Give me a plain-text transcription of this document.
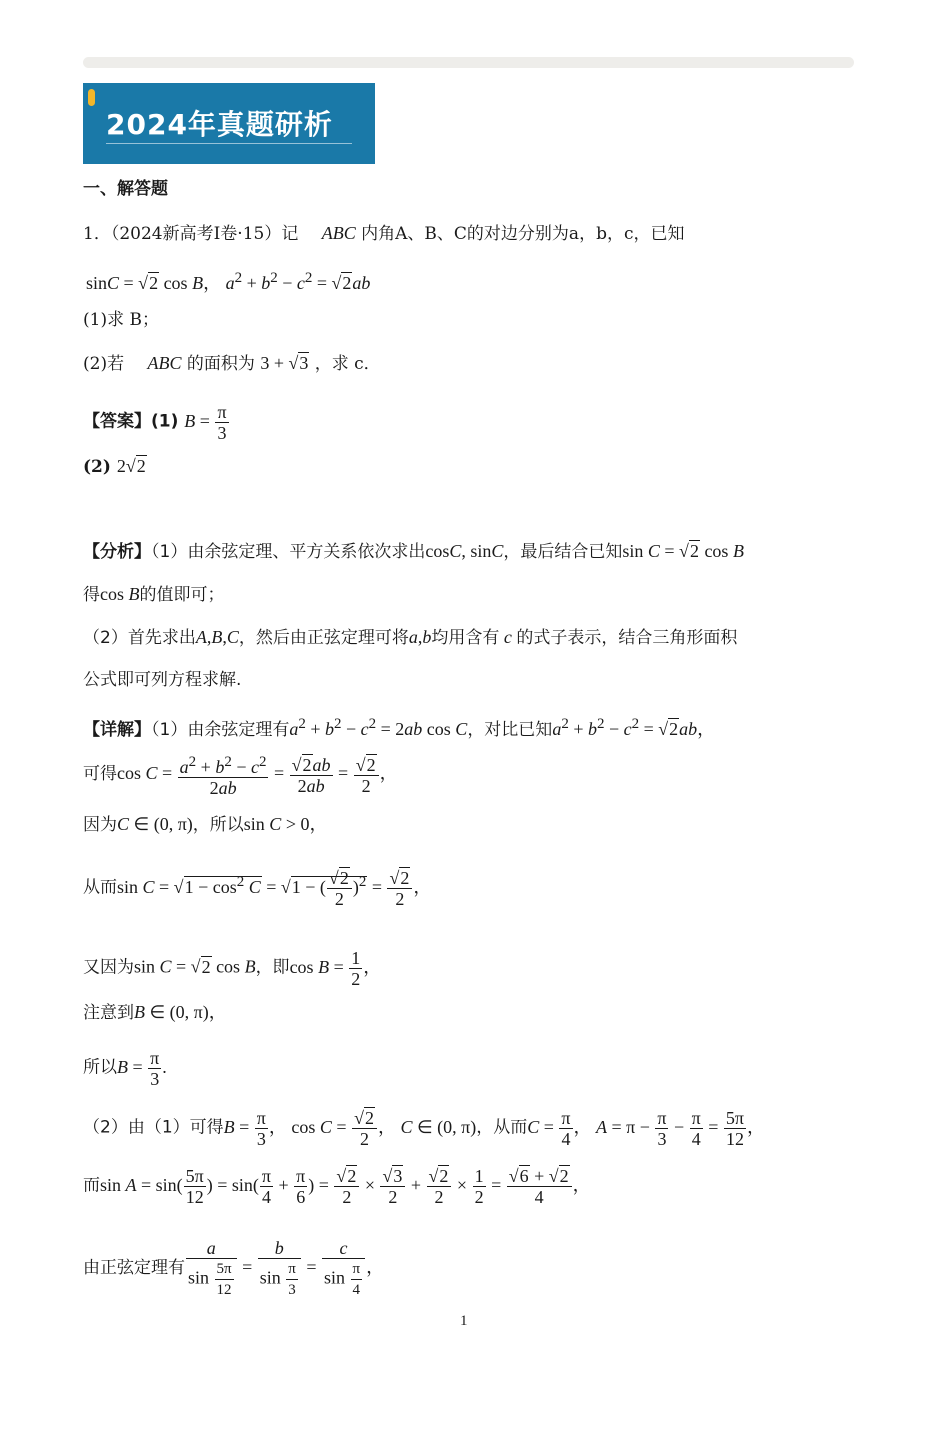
2024年真题研析
一、解答题
1．（2024新高考Ⅰ卷·15）记   ABC 内角A、B、C的对边分别为a，b，c，已知
sinC = √2 cos B， $a^2 + b^2 - c^2 = √2ab$
(1)求 B；
(2)若   ABC 的面积为 3 + √3 ，求 c．
【答案】(1) $B = \frac{\pi}{3}$
(2) 2√2
【分析】（1）由余弦定理、平方关系依次求出cosC, sinC，最后结合已知sin C = √2 cos B
得cos B的值即可；
（2）首先求出A,B,C，然后由正弦定理可将a,b均用含有 c 的式子表示，结合三角形面积
公式即可列方程求解.
【详解】（1）由余弦定理有$a^2 + b^2 - c^2 = 2ab$ cos C，对比已知$a^2 + b^2 - c^2 = √2ab$，
可得$\cos C = \frac{a^2 + b^2 - c^2}{2ab} = \frac{√2ab}{2ab} = \frac{√2}{2}$ ，
因为C ∈ (0, π)，所以sin C > 0，
从而$\sin C = √1 - \cos^2 C = √1$ − ( $\frac{√2}{2} )^2 = \frac{√2}{2}$ ，
又因为sin C = √2 cos B，即$\cos B = \frac{1}{2}$ ，
注意到B ∈ (0, π)，
所以$B = \frac{\pi}{3}$ .
（2）由（1）可得$B = \frac{\pi}{3}$ ， $\cos C = \frac{√2}{2}$ ， C ∈ (0, π)，从而$C = \frac{\pi}{4}$ ， $A = \pi - \frac{\pi}{3} - \frac{\pi}{4} = \frac{5\pi}{12}$ ，
而$\sin A = \sin( \frac{5\pi}{12}$ ) = $\sin( \frac{\pi}{4} + \frac{\pi}{6}$ ) = $\frac{√2}{2} \times \frac{√3}{2} + \frac{√2}{2} \times \frac{1}{2} = \frac{√6 + √2}{4}$ ，
由正弦定理有 $\frac{a}{\sin \frac{5\pi}{12}} = \frac{b}{\sin \frac{\pi}{3}} = \frac{c}{\sin \frac{\pi}{4}}$ ，
1
